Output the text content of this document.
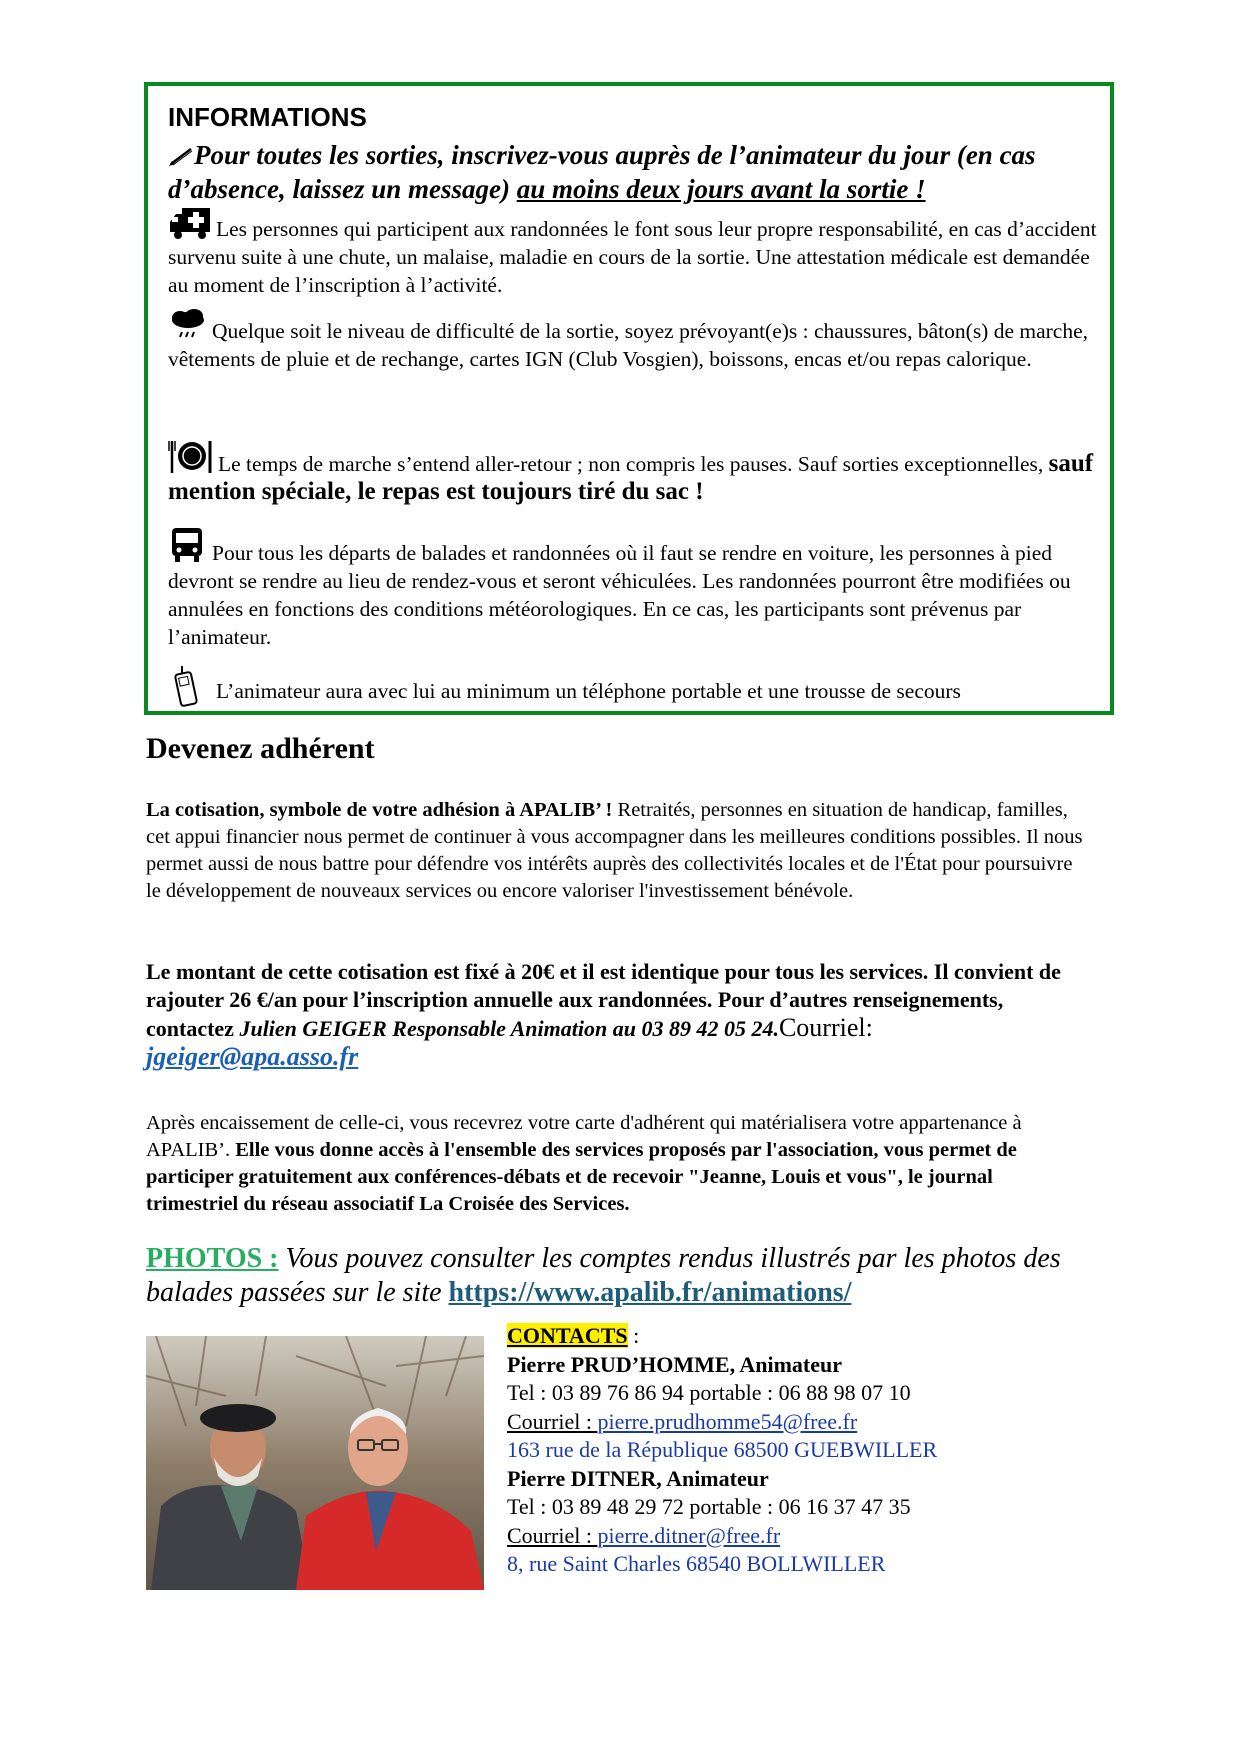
INFORMATIONS
Pour toutes les sorties, inscrivez-vous auprès de l’animateur du jour (en cas d’absence, laissez un message) au moins deux jours avant la sortie !
Les personnes qui participent aux randonnées le font sous leur propre responsabilité, en cas d’accident survenu suite à une chute, un malaise, maladie en cours de la sortie. Une attestation médicale est demandée au moment de l’inscription à l’activité.
Quelque soit le niveau de difficulté de la sortie, soyez prévoyant(e)s : chaussures, bâton(s) de marche, vêtements de pluie et de rechange, cartes IGN (Club Vosgien), boissons, encas et/ou repas calorique.
Le temps de marche s’entend aller-retour ; non compris les pauses. Sauf sorties exceptionnelles, sauf mention spéciale, le repas est toujours tiré du sac !
Pour tous les départs de balades et randonnées où il faut se rendre en voiture, les personnes à pied devront se rendre au lieu de rendez-vous et seront véhiculées. Les randonnées pourront être modifiées ou annulées en fonctions des conditions météorologiques. En ce cas, les participants sont prévenus par l’animateur.
L’animateur aura avec lui au minimum un téléphone portable et une trousse de secours
Devenez adhérent
La cotisation, symbole de votre adhésion à APALIB’ ! Retraités, personnes en situation de handicap, familles, cet appui financier nous permet de continuer à vous accompagner dans les meilleures conditions possibles. Il nous permet aussi de nous battre pour défendre vos intérêts auprès des collectivités locales et de l'État pour poursuivre le développement de nouveaux services ou encore valoriser l'investissement bénévole.
Le montant de cette cotisation est fixé à 20€ et il est identique pour tous les services. Il convient de rajouter 26 €/an pour l’inscription annuelle aux randonnées. Pour d’autres renseignements, contactez Julien GEIGER Responsable Animation au 03 89 42 05 24.Courriel: jgeiger@apa.asso.fr
Après encaissement de celle-ci, vous recevrez votre carte d'adhérent qui matérialisera votre appartenance à APALIB’. Elle vous donne accès à l'ensemble des services proposés par l'association, vous permet de participer gratuitement aux conférences-débats et de recevoir "Jeanne, Louis et vous", le journal trimestriel du réseau associatif La Croisée des Services.
PHOTOS : Vous pouvez consulter les comptes rendus illustrés par les photos des balades passées sur le site https://www.apalib.fr/animations/
CONTACTS :
Pierre PRUD’HOMME, Animateur
Tel : 03 89 76 86 94 portable : 06 88 98 07 10
Courriel : pierre.prudhomme54@free.fr
163 rue de la République 68500 GUEBWILLER
Pierre DITNER, Animateur
Tel : 03 89 48 29 72 portable : 06 16 37 47 35
Courriel : pierre.ditner@free.fr
8, rue Saint Charles 68540 BOLLWILLER
